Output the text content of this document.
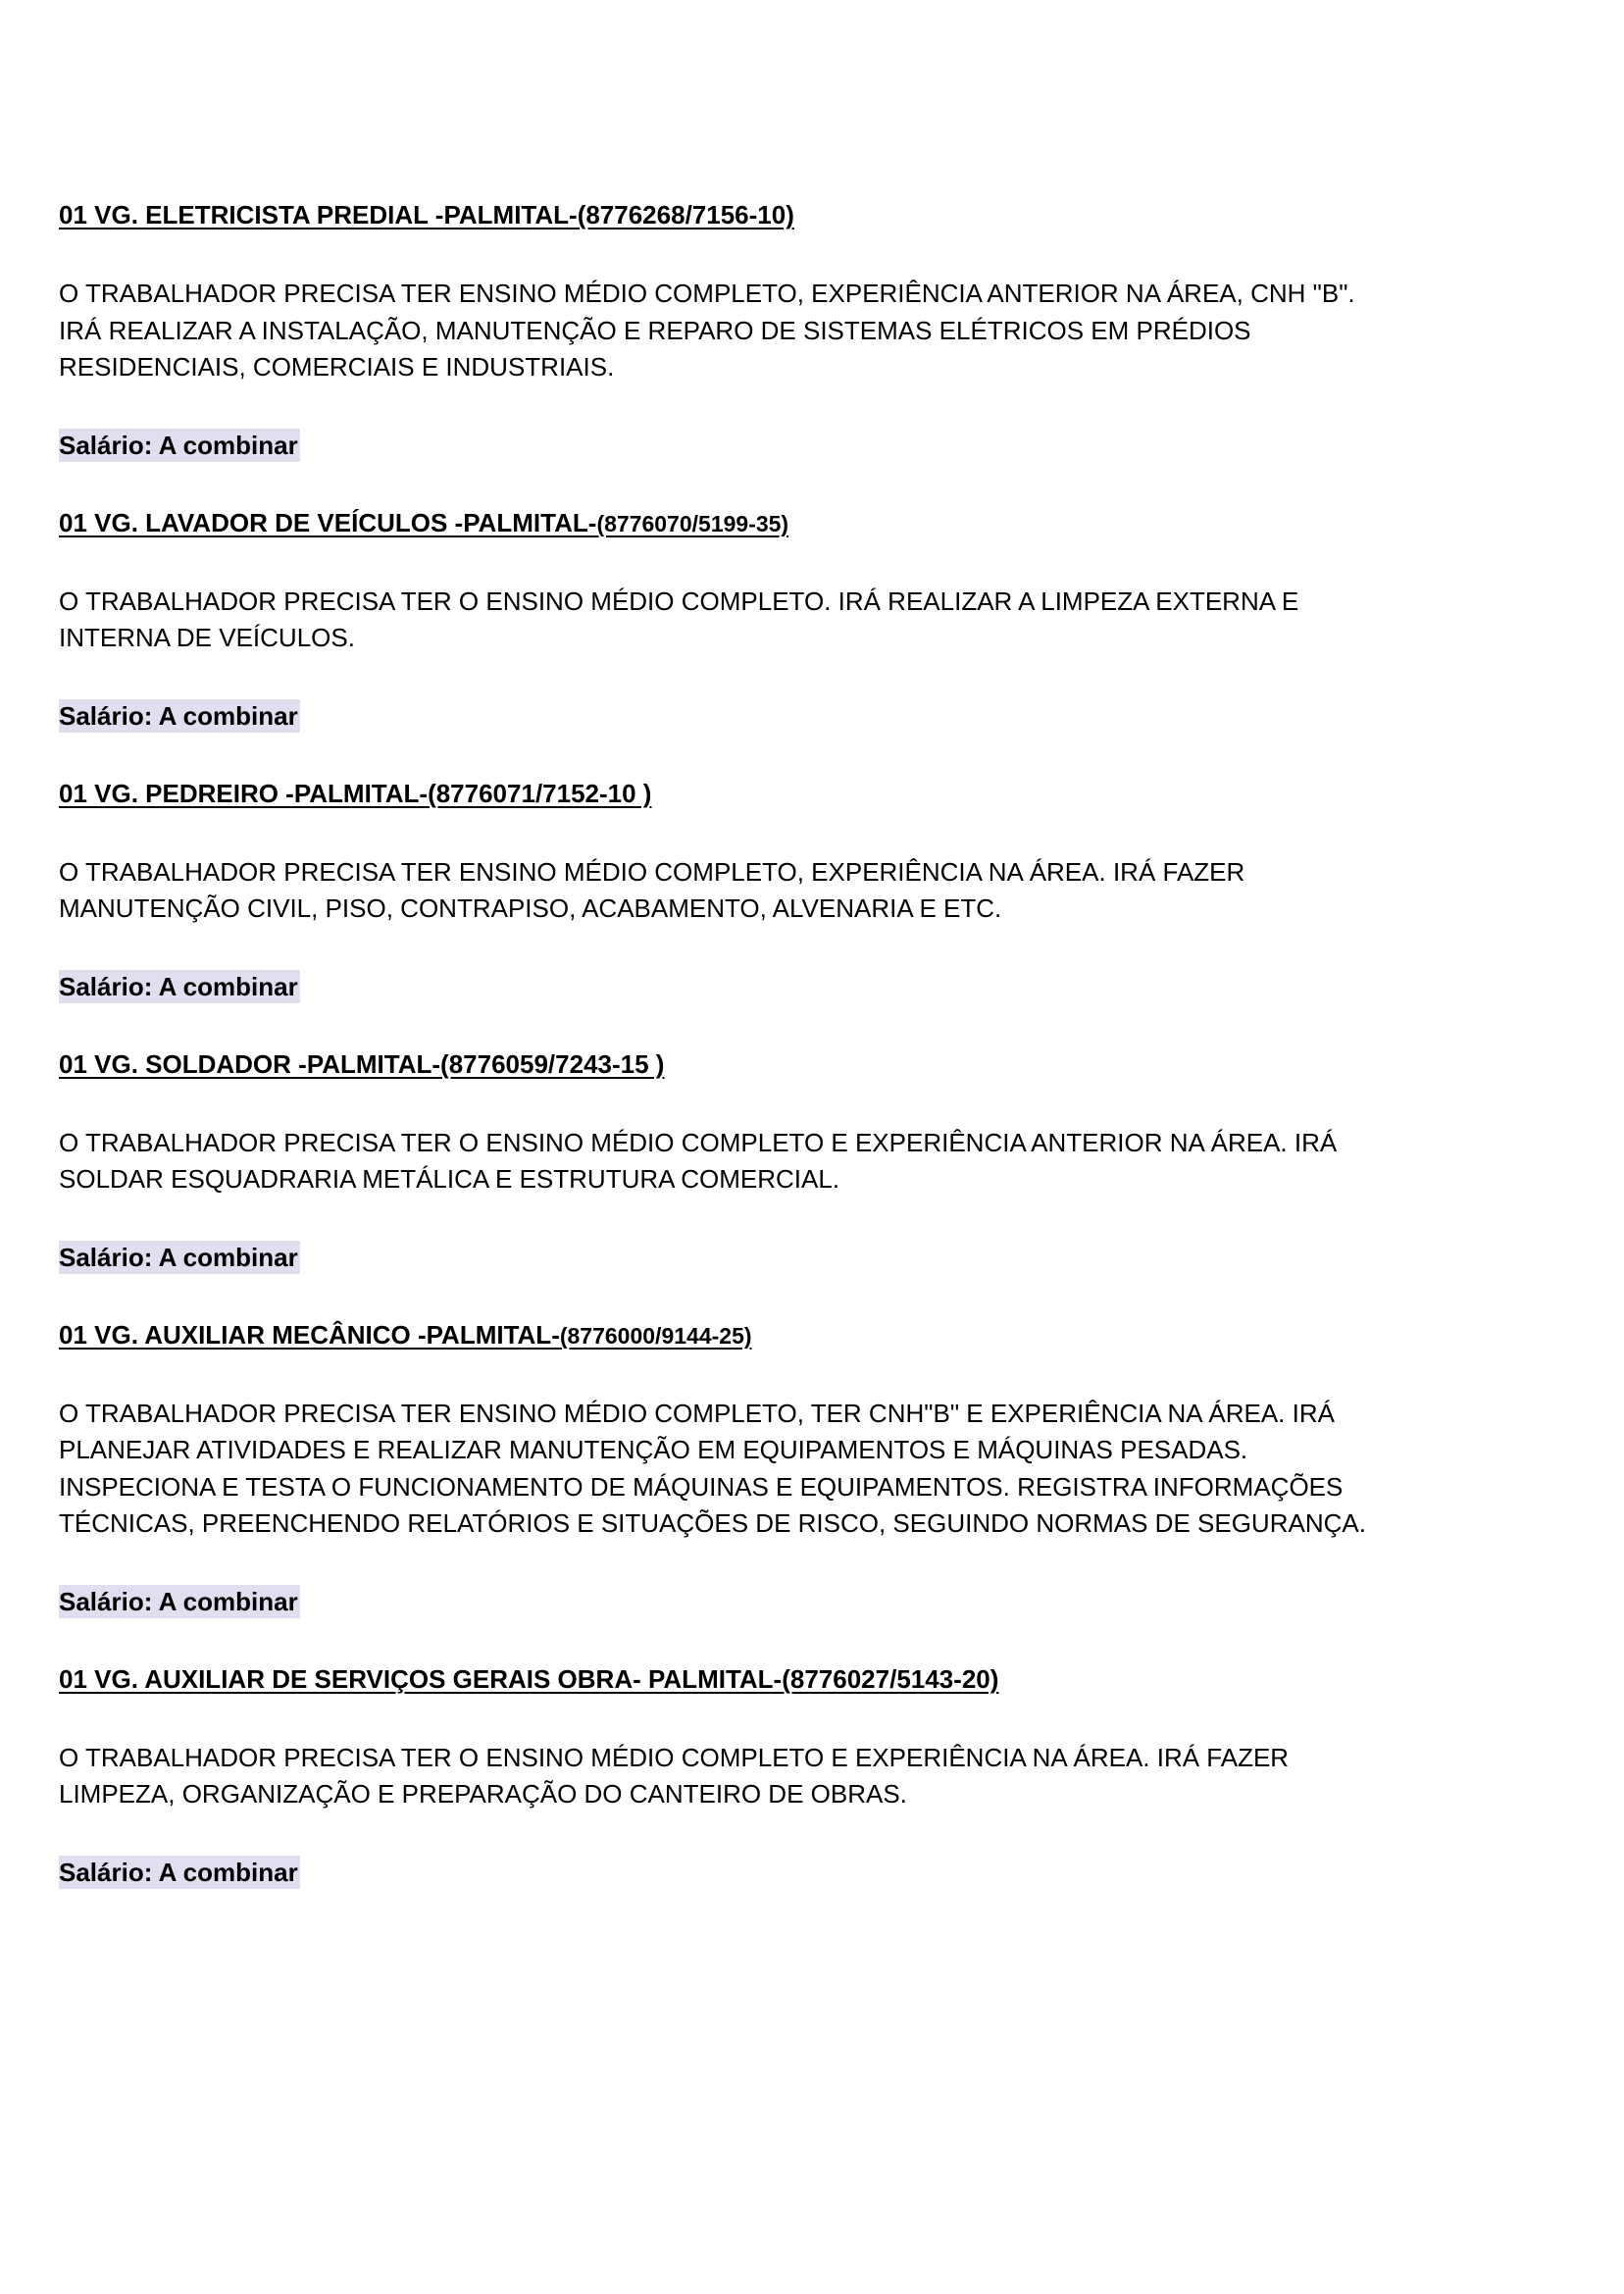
01 VG. ELETRICISTA PREDIAL -PALMITAL-(8776268/7156-10)

O TRABALHADOR PRECISA TER ENSINO MÉDIO COMPLETO, EXPERIÊNCIA ANTERIOR NA ÁREA, CNH "B".
IRÁ REALIZAR A INSTALAÇÃO, MANUTENÇÃO E REPARO DE SISTEMAS ELÉTRICOS EM PRÉDIOS
RESIDENCIAIS, COMERCIAIS E INDUSTRIAIS.

Salário: A combinar

01 VG. LAVADOR DE VEÍCULOS -PALMITAL-(8776070/5199-35)

O TRABALHADOR PRECISA TER O ENSINO MÉDIO COMPLETO. IRÁ REALIZAR A LIMPEZA EXTERNA E
INTERNA DE VEÍCULOS.

Salário: A combinar

01 VG. PEDREIRO -PALMITAL-(8776071/7152-10 )

O TRABALHADOR PRECISA TER ENSINO MÉDIO COMPLETO, EXPERIÊNCIA NA ÁREA. IRÁ FAZER
MANUTENÇÃO CIVIL, PISO, CONTRAPISO, ACABAMENTO, ALVENARIA E ETC.

Salário: A combinar

01 VG. SOLDADOR -PALMITAL-(8776059/7243-15 )

O TRABALHADOR PRECISA TER O ENSINO MÉDIO COMPLETO E EXPERIÊNCIA ANTERIOR NA ÁREA. IRÁ
SOLDAR ESQUADRARIA METÁLICA E ESTRUTURA COMERCIAL.

Salário: A combinar

01 VG. AUXILIAR MECÂNICO -PALMITAL-(8776000/9144-25)

O TRABALHADOR PRECISA TER ENSINO MÉDIO COMPLETO, TER CNH"B" E EXPERIÊNCIA NA ÁREA. IRÁ
PLANEJAR ATIVIDADES E REALIZAR MANUTENÇÃO EM EQUIPAMENTOS E MÁQUINAS PESADAS.
INSPECIONA E TESTA O FUNCIONAMENTO DE MÁQUINAS E EQUIPAMENTOS. REGISTRA INFORMAÇÕES
TÉCNICAS, PREENCHENDO RELATÓRIOS E SITUAÇÕES DE RISCO, SEGUINDO NORMAS DE SEGURANÇA.

Salário: A combinar

01 VG. AUXILIAR DE SERVIÇOS GERAIS OBRA- PALMITAL-(8776027/5143-20)

O TRABALHADOR PRECISA TER O ENSINO MÉDIO COMPLETO E EXPERIÊNCIA NA ÁREA. IRÁ FAZER
LIMPEZA, ORGANIZAÇÃO E PREPARAÇÃO DO CANTEIRO DE OBRAS.

Salário: A combinar
